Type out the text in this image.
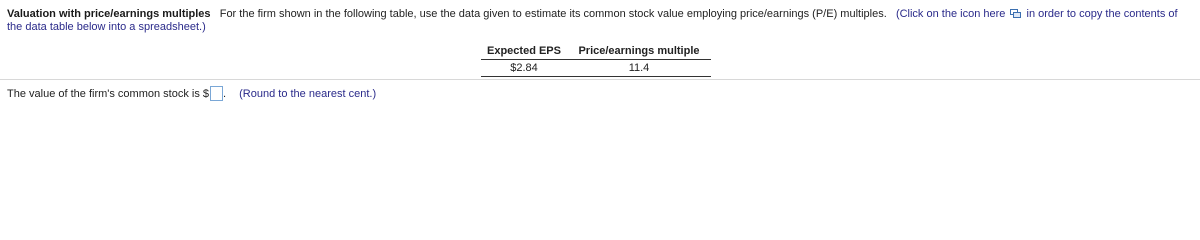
Valuation with price/earnings multiples For the firm shown in the following table, use the data given to estimate its common stock value employing price/earnings (P/E) multiples. (Click on the icon here in order to copy the contents of the data table below into a spreadsheet.)
Expected EPS	Price/earnings multiple
$2.84	11.4
The value of the firm's common stock is $ . (Round to the nearest cent.)
